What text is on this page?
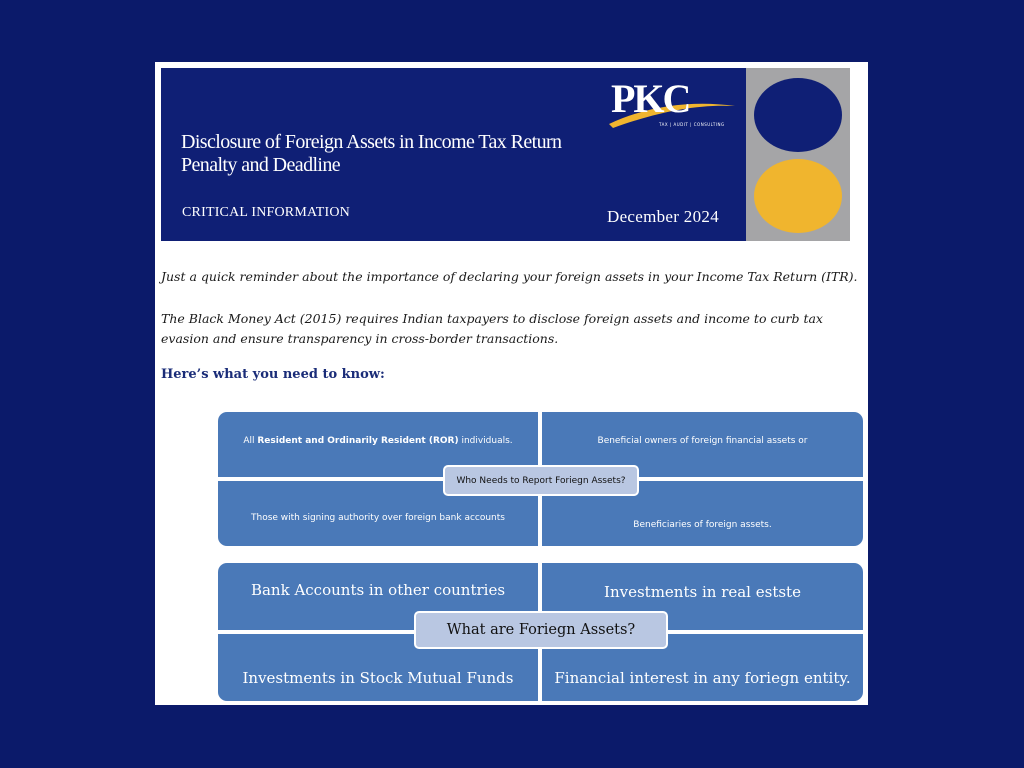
PKC
TAX | AUDIT | CONSULTING
Disclosure of Foreign Assets in Income Tax Return
Penalty and Deadline
CRITICAL INFORMATION	December 2024

Just a quick reminder about the importance of declaring your foreign assets in your Income Tax Return (ITR).

The Black Money Act (2015) requires Indian taxpayers to disclose foreign assets and income to curb tax evasion and ensure transparency in cross-border transactions.

Here’s what you need to know:
All Resident and Ordinarily Resident (ROR) individuals.	Beneficial owners of foreign financial assets or
Those with signing authority over foreign bank accounts
Beneficiaries of foreign assets.
Who Needs to Report Foriegn Assets?
Bank Accounts in other countries	Investments in real estste
Investments in Stock Mutual Funds	Financial interest in any foriegn entity.
What are Foriegn Assets?
